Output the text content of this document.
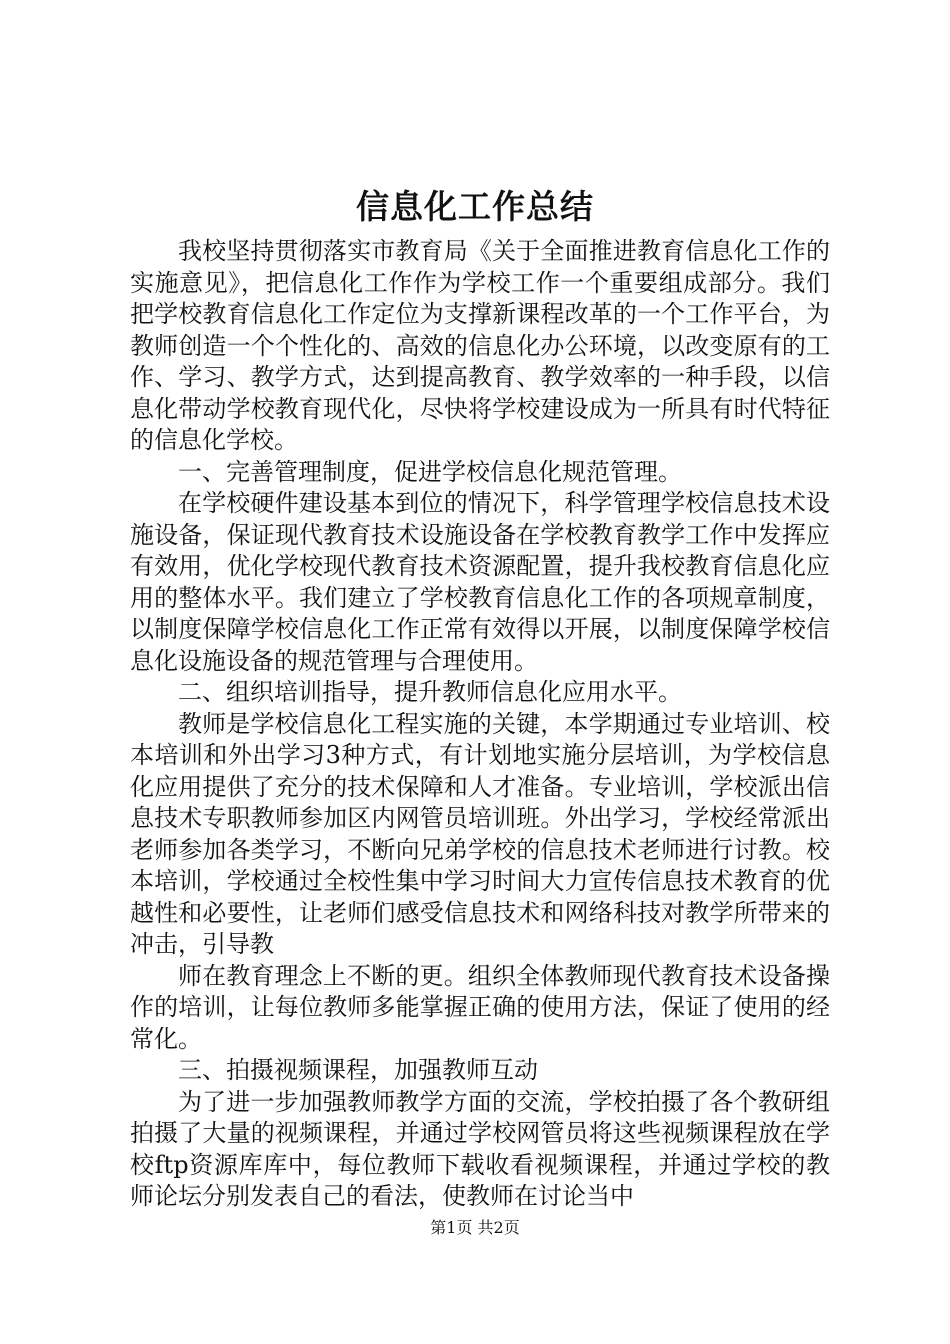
信息化工作总结

我校坚持贯彻落实市教育局《关于全面推进教育信息化工作的实施意见》，把信息化工作作为学校工作一个重要组成部分。我们把学校教育信息化工作定位为支撑新课程改革的一个工作平台，为教师创造一个个性化的、高效的信息化办公环境，以改变原有的工作、学习、教学方式，达到提高教育、教学效率的一种手段，以信息化带动学校教育现代化，尽快将学校建设成为一所具有时代特征的信息化学校。

一、完善管理制度，促进学校信息化规范管理。

在学校硬件建设基本到位的情况下，科学管理学校信息技术设施设备，保证现代教育技术设施设备在学校教育教学工作中发挥应有效用，优化学校现代教育技术资源配置，提升我校教育信息化应用的整体水平。我们建立了学校教育信息化工作的各项规章制度，以制度保障学校信息化工作正常有效得以开展，以制度保障学校信息化设施设备的规范管理与合理使用。

二、组织培训指导，提升教师信息化应用水平。

教师是学校信息化工程实施的关键，本学期通过专业培训、校本培训和外出学习3种方式，有计划地实施分层培训，为学校信息化应用提供了充分的技术保障和人才准备。专业培训，学校派出信息技术专职教师参加区内网管员培训班。外出学习，学校经常派出老师参加各类学习，不断向兄弟学校的信息技术老师进行讨教。校本培训，学校通过全校性集中学习时间大力宣传信息技术教育的优越性和必要性，让老师们感受信息技术和网络科技对教学所带来的冲击，引导教

师在教育理念上不断的更。组织全体教师现代教育技术设备操作的培训，让每位教师多能掌握正确的使用方法，保证了使用的经常化。

三、拍摄视频课程，加强教师互动

为了进一步加强教师教学方面的交流，学校拍摄了各个教研组拍摄了大量的视频课程，并通过学校网管员将这些视频课程放在学校ftp资源库库中，每位教师下载收看视频课程，并通过学校的教师论坛分别发表自己的看法，使教师在讨论当中

第1页 共2页
